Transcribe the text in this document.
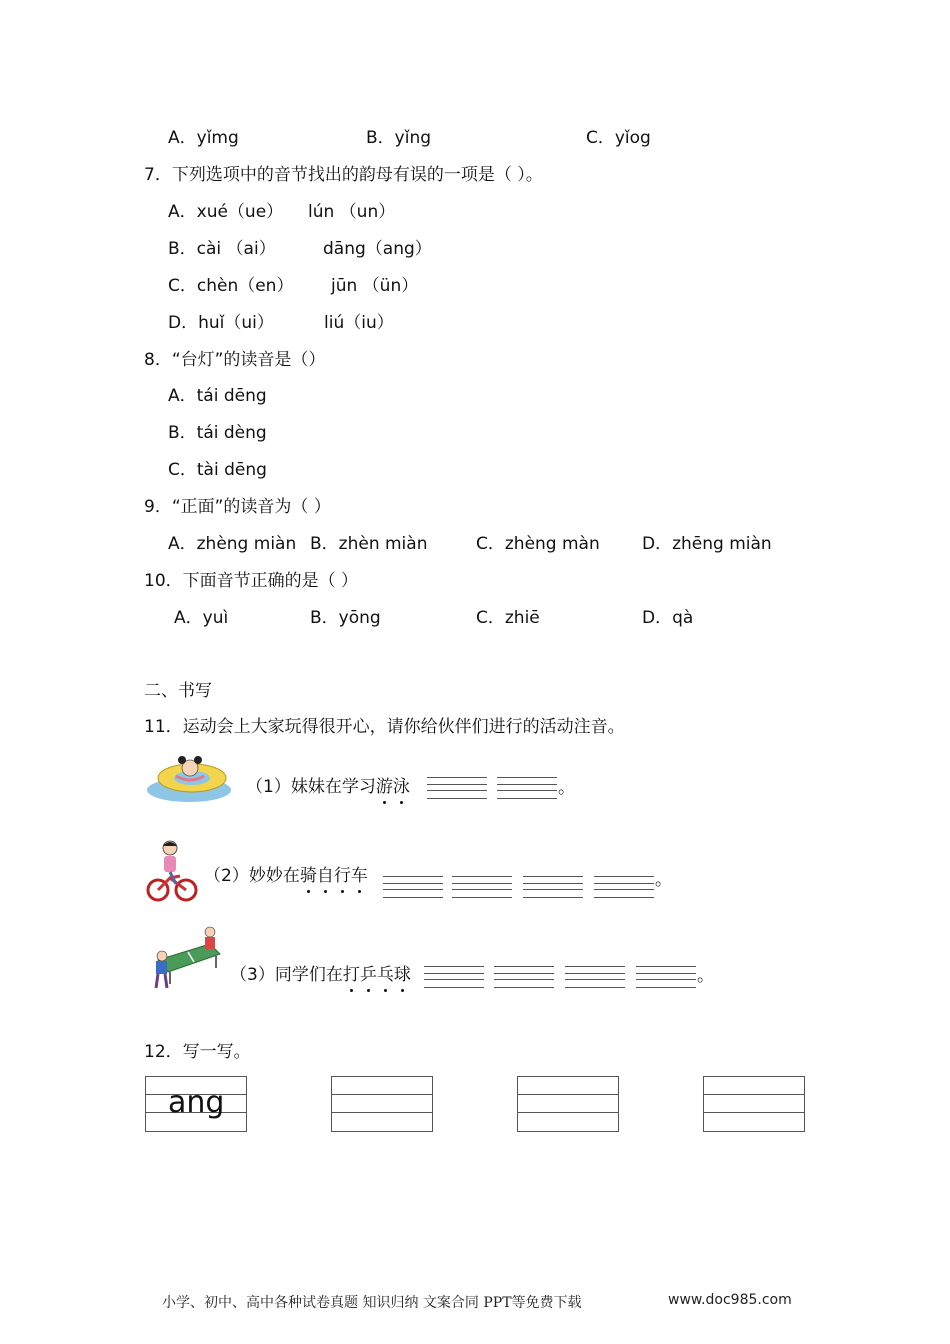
A．yǐmg	B．yǐng	C．yǐog
7．下列选项中的音节找出的韵母有误的一项是（ ）。
A．xué（ue） lún （un）
B．cài （ai）	dāng（ang）
C．chèn（en） jūn （ün）
D．huǐ（ui）	liú（iu）
8．“台灯”的读音是（）
A．tái dēng
B．tái dèng
C．tài dēng
9．“正面”的读音为（ ）
A．zhèng miàn B．zhèn miàn	C．zhèng màn D．zhēng miàn
10．下面音节正确的是（ ）
A．yuì	B．yōng	C．zhiē	D．qà
二、书写
11．运动会上大家玩得很开心，请你给伙伴们进行的活动注音。
（1）妹妹在学习游泳	。
（2）妙妙在骑自行车	。
（3）同学们在打乒乓球	。
12．写一写。
ang
小学、初中、高中各种试卷真题 知识归纳 文案合同 PPT等免费下载	www.doc985.com
